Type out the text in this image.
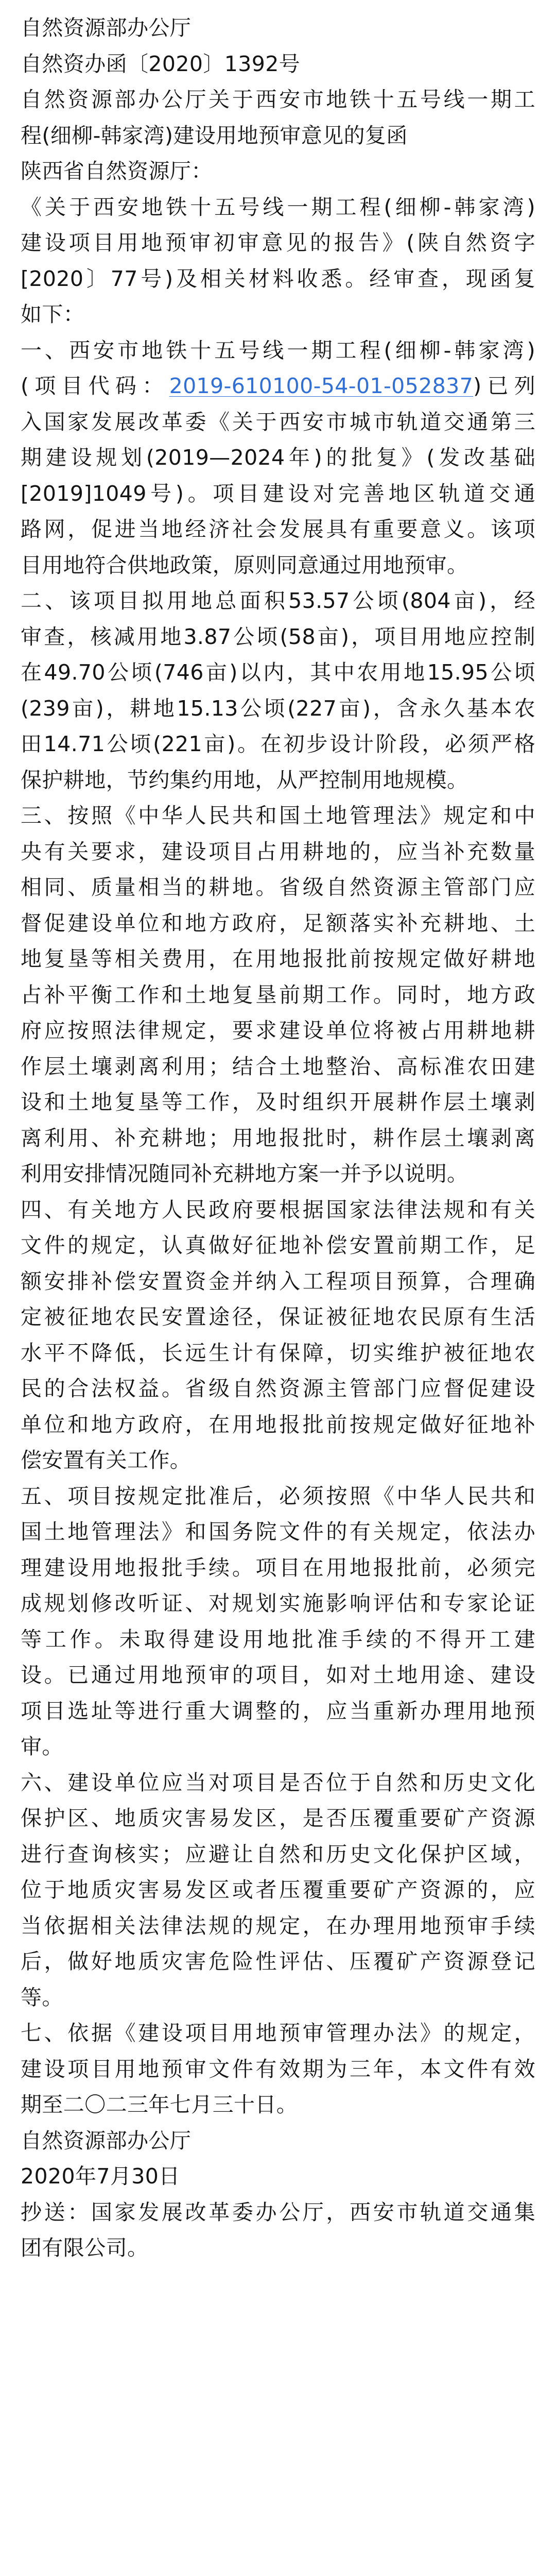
自然资源部办公厅
自然资办函〔2020〕1392号
自然资源部办公厅关于西安市地铁十五号线一期工
程(细柳-韩家湾)建设用地预审意见的复函
陕西省自然资源厅：
《关于西安地铁十五号线一期工程(细柳-韩家湾)
建设项目用地预审初审意见的报告》(陕自然资字
[2020〕77号)及相关材料收悉。经审查，现函复
如下：
一、西安市地铁十五号线一期工程(细柳-韩家湾)
(项目代码：2019-610100-54-01-052837)已列
入国家发展改革委《关于西安市城市轨道交通第三
期建设规划(2019—2024年)的批复》(发改基础
[2019]1049号)。项目建设对完善地区轨道交通
路网，促进当地经济社会发展具有重要意义。该项
目用地符合供地政策，原则同意通过用地预审。
二、该项目拟用地总面积53.57公顷(804亩)，经
审查，核减用地3.87公顷(58亩)，项目用地应控制
在49.70公顷(746亩)以内，其中农用地15.95公顷
(239亩)，耕地15.13公顷(227亩)，含永久基本农
田14.71公顷(221亩)。在初步设计阶段，必须严格
保护耕地，节约集约用地，从严控制用地规模。
三、按照《中华人民共和国土地管理法》规定和中
央有关要求，建设项目占用耕地的，应当补充数量
相同、质量相当的耕地。省级自然资源主管部门应
督促建设单位和地方政府，足额落实补充耕地、土
地复垦等相关费用，在用地报批前按规定做好耕地
占补平衡工作和土地复垦前期工作。同时，地方政
府应按照法律规定，要求建设单位将被占用耕地耕
作层土壤剥离利用；结合土地整治、高标准农田建
设和土地复垦等工作，及时组织开展耕作层土壤剥
离利用、补充耕地；用地报批时，耕作层土壤剥离
利用安排情况随同补充耕地方案一并予以说明。
四、有关地方人民政府要根据国家法律法规和有关
文件的规定，认真做好征地补偿安置前期工作，足
额安排补偿安置资金并纳入工程项目预算，合理确
定被征地农民安置途径，保证被征地农民原有生活
水平不降低，长远生计有保障，切实维护被征地农
民的合法权益。省级自然资源主管部门应督促建设
单位和地方政府，在用地报批前按规定做好征地补
偿安置有关工作。
五、项目按规定批准后，必须按照《中华人民共和
国土地管理法》和国务院文件的有关规定，依法办
理建设用地报批手续。项目在用地报批前，必须完
成规划修改听证、对规划实施影响评估和专家论证
等工作。未取得建设用地批准手续的不得开工建
设。已通过用地预审的项目，如对土地用途、建设
项目选址等进行重大调整的，应当重新办理用地预
审。
六、建设单位应当对项目是否位于自然和历史文化
保护区、地质灾害易发区，是否压覆重要矿产资源
进行查询核实；应避让自然和历史文化保护区域，
位于地质灾害易发区或者压覆重要矿产资源的，应
当依据相关法律法规的规定，在办理用地预审手续
后，做好地质灾害危险性评估、压覆矿产资源登记
等。
七、依据《建设项目用地预审管理办法》的规定，
建设项目用地预审文件有效期为三年，本文件有效
期至二〇二三年七月三十日。
自然资源部办公厅
2020年7月30日
抄送：国家发展改革委办公厅，西安市轨道交通集
团有限公司。
